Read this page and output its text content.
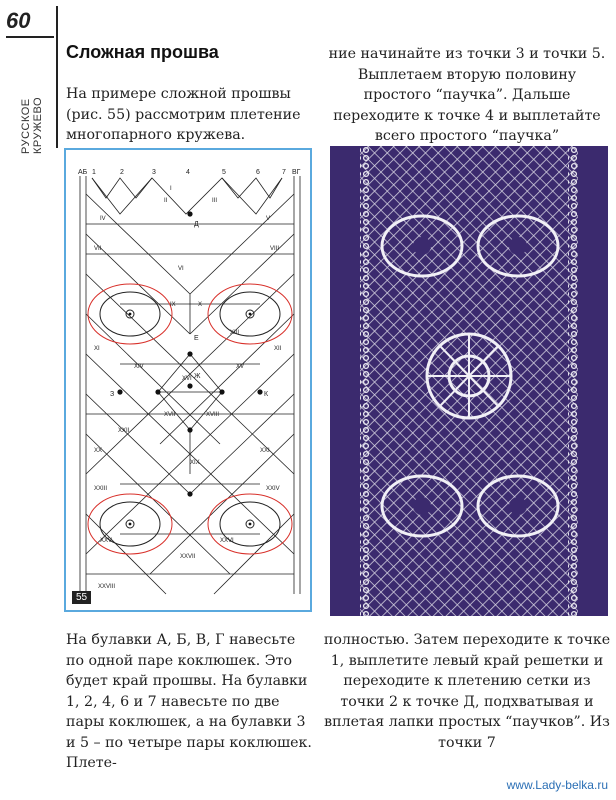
60
РУССКОЕ КРУЖЕВО
Сложная прошва
На примере сложной прошвы (рис. 55) рассмотрим плетение многопарного кружева.
ние начинайте из точки 3 и точки 5. Выплетаем вторую половину простого “паучка”. Дальше переходите к точке 4 и выплетайте всего простого “паучка”
АБ 1	2	3	4	5	6	7 ВГ
I
II	III
IV	V
VI
VII	VIII
IX	X
XI	XII
XIII
XIV	XV
XVI
XVII	XVIII
XIX
XX	XXI
XXII
XXIII	XXIV
XXV	XXVI
XXVII
XXVIII
Д
Е
Ж
З	К
55
На булавки А, Б, В, Г навесьте по одной паре коклюшек. Это будет край прошвы. На булавки 1, 2, 4, 6 и 7 навесьте по две пары коклюшек, а на булавки 3 и 5 – по четыре пары коклюшек. Плете-
полностью. Затем переходите к точке 1, выплетите левый край решетки и переходите к плетению сетки из точки 2 к точке Д, подхватывая и вплетая лапки простых “паучков”. Из точки 7
www.Lady-belka.ru
